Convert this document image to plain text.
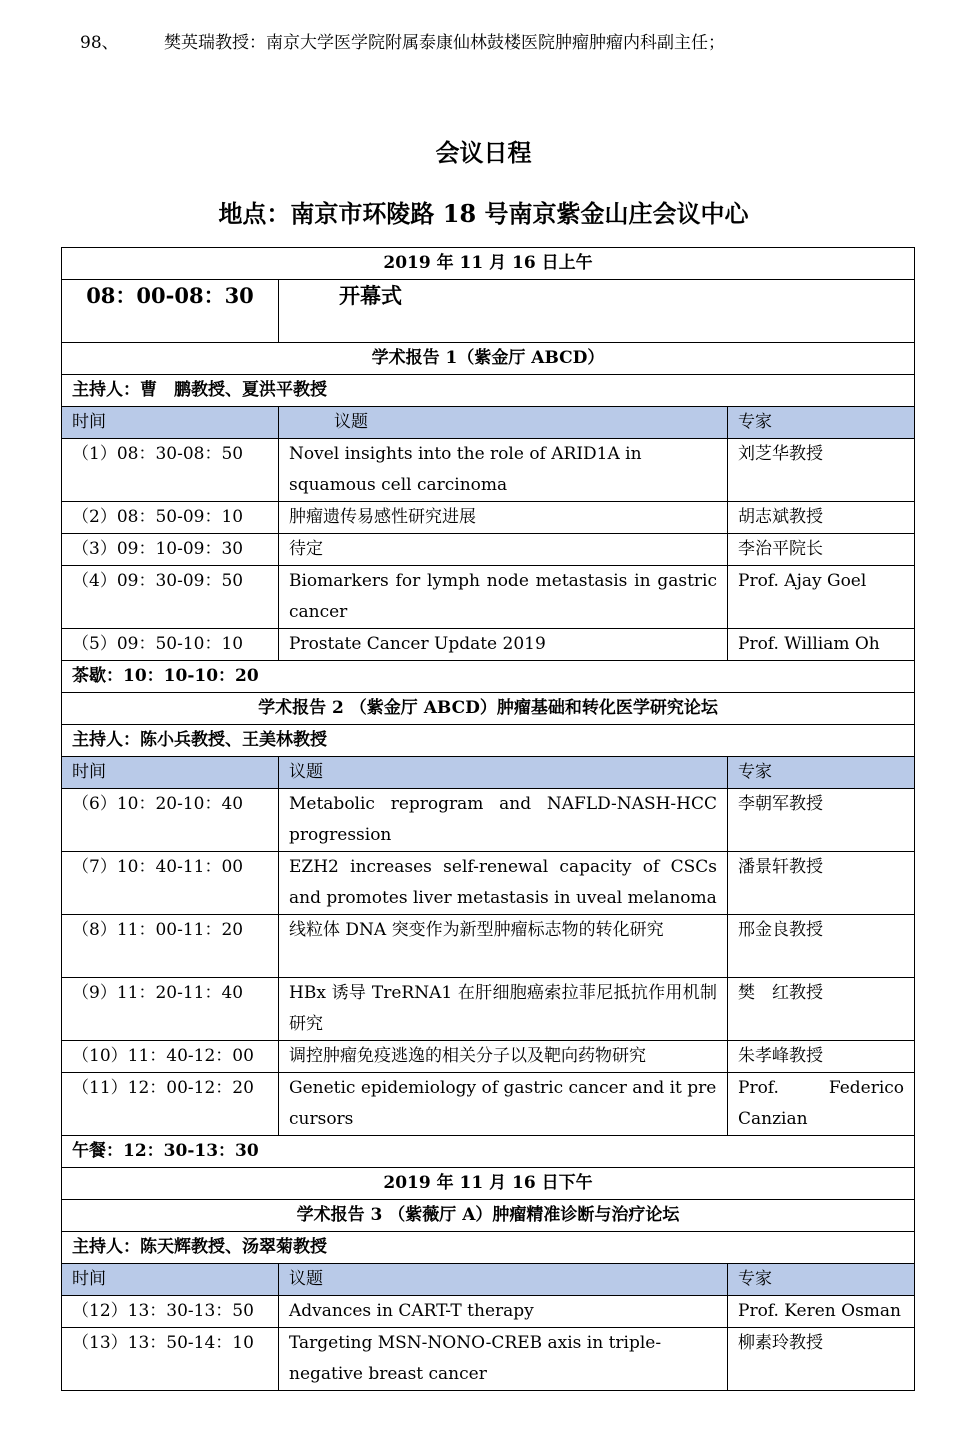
98、	樊英瑞教授：南京大学医学院附属泰康仙林鼓楼医院肿瘤肿瘤内科副主任；
会议日程
地点：南京市环陵路 18 号南京紫金山庄会议中心
2019 年 11 月 16 日上午		
08：00-08：30	开幕式	
学术报告 1（紫金厅 ABCD）		
主持人：曹　鹏教授、夏洪平教授		
时间	议题	专家
（1）08：30-08：50	Novel insights into the role of ARID1A in squamous cell carcinoma	刘芝华教授
（2）08：50-09：10	肿瘤遗传易感性研究进展	胡志斌教授
（3）09：10-09：30	待定	李治平院长
（4）09：30-09：50	Biomarkers for lymph node metastasis in gastric cancer	Prof. Ajay Goel
（5）09：50-10：10	Prostate Cancer Update 2019	Prof. William Oh
茶歇：10：10-10：20		
学术报告 2 （紫金厅 ABCD）肿瘤基础和转化医学研究论坛		
主持人：陈小兵教授、王美林教授		
时间	议题	专家
（6）10：20-10：40	Metabolic reprogram and NAFLD-NASH-HCC progression	李朝军教授
（7）10：40-11：00	EZH2 increases self-renewal capacity of CSCs and promotes liver metastasis in uveal melanoma	潘景轩教授
（8）11：00-11：20	线粒体 DNA 突变作为新型肿瘤标志物的转化研究	邢金良教授
（9）11：20-11：40	HBx 诱导 TreRNA1 在肝细胞癌索拉菲尼抵抗作用机制研究	樊　红教授
（10）11：40-12：00	调控肿瘤免疫逃逸的相关分子以及靶向药物研究	朱孝峰教授
（11）12：00-12：20	Genetic epidemiology of gastric cancer and it precursors	Prof. Federico Canzian
午餐：12：30-13：30		
2019 年 11 月 16 日下午		
学术报告 3 （紫薇厅 A）肿瘤精准诊断与治疗论坛		
主持人：陈天辉教授、汤翠菊教授		
时间	议题	专家
（12）13：30-13：50	Advances in CART-T therapy	Prof. Keren Osman
（13）13：50-14：10	Targeting MSN-NONO-CREB axis in triple-negative breast cancer	柳素玲教授
